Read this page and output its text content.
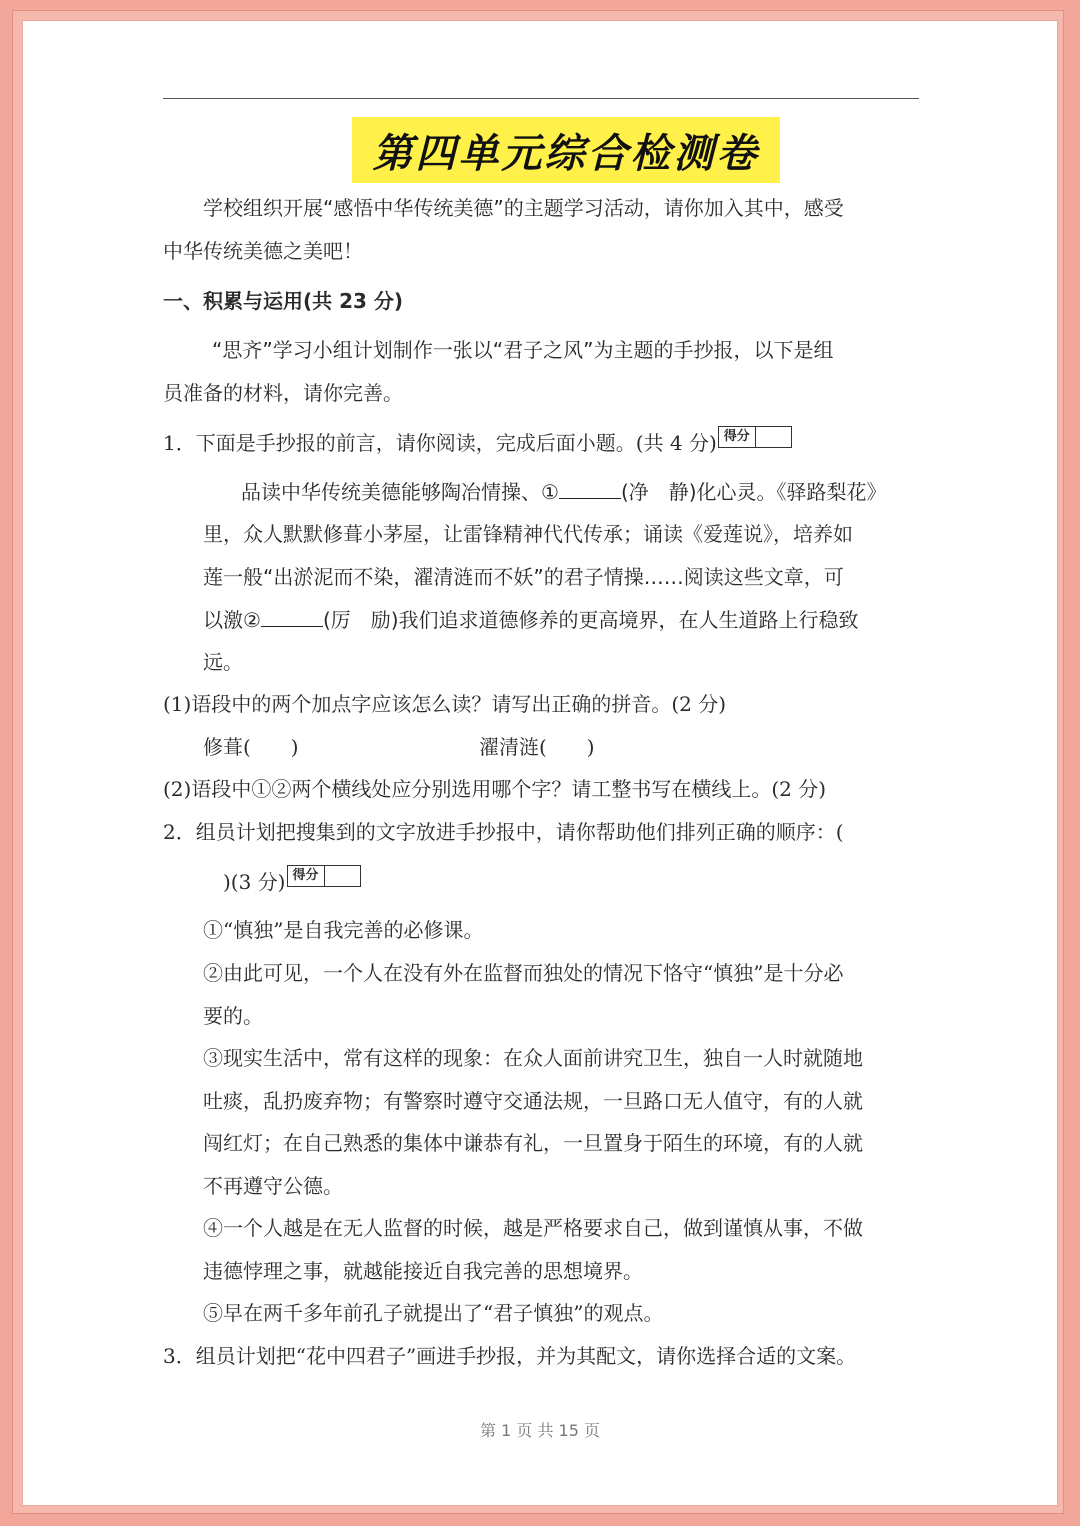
第四单元综合检测卷
学校组织开展“感悟中华传统美德”的主题学习活动，请你加入其中，感受
中华传统美德之美吧！
一、积累与运用(共 23 分)
“思齐”学习小组计划制作一张以“君子之风”为主题的手抄报，以下是组
员准备的材料，请你完善。
1．下面是手抄报的前言，请你阅读，完成后面小题。(共 4 分) 得分
品读中华传统美德能够陶冶情操、①	(净　静)化心灵。《驿路梨花》
里，众人默默修葺小茅屋，让雷锋精神代代传承；诵读《爱莲说》，培养如
莲一般“出淤泥而不染，濯清涟而不妖”的君子情操……阅读这些文章，可
以激②	(厉　励)我们追求道德修养的更高境界，在人生道路上行稳致
远。
(1)语段中的两个加点字应该怎么读？请写出正确的拼音。(2 分)
修葺(　　)	濯清涟(　　)
(2)语段中①②两个横线处应分别选用哪个字？请工整书写在横线上。(2 分)
2．组员计划把搜集到的文字放进手抄报中，请你帮助他们排列正确的顺序：(
)(3 分) 得分
①“慎独”是自我完善的必修课。
②由此可见，一个人在没有外在监督而独处的情况下恪守“慎独”是十分必
要的。
③现实生活中，常有这样的现象：在众人面前讲究卫生，独自一人时就随地
吐痰，乱扔废弃物；有警察时遵守交通法规，一旦路口无人值守，有的人就
闯红灯；在自己熟悉的集体中谦恭有礼，一旦置身于陌生的环境，有的人就
不再遵守公德。
④一个人越是在无人监督的时候，越是严格要求自己，做到谨慎从事，不做
违德悖理之事，就越能接近自我完善的思想境界。
⑤早在两千多年前孔子就提出了“君子慎独”的观点。
3．组员计划把“花中四君子”画进手抄报，并为其配文，请你选择合适的文案。
第 1 页 共 15 页
